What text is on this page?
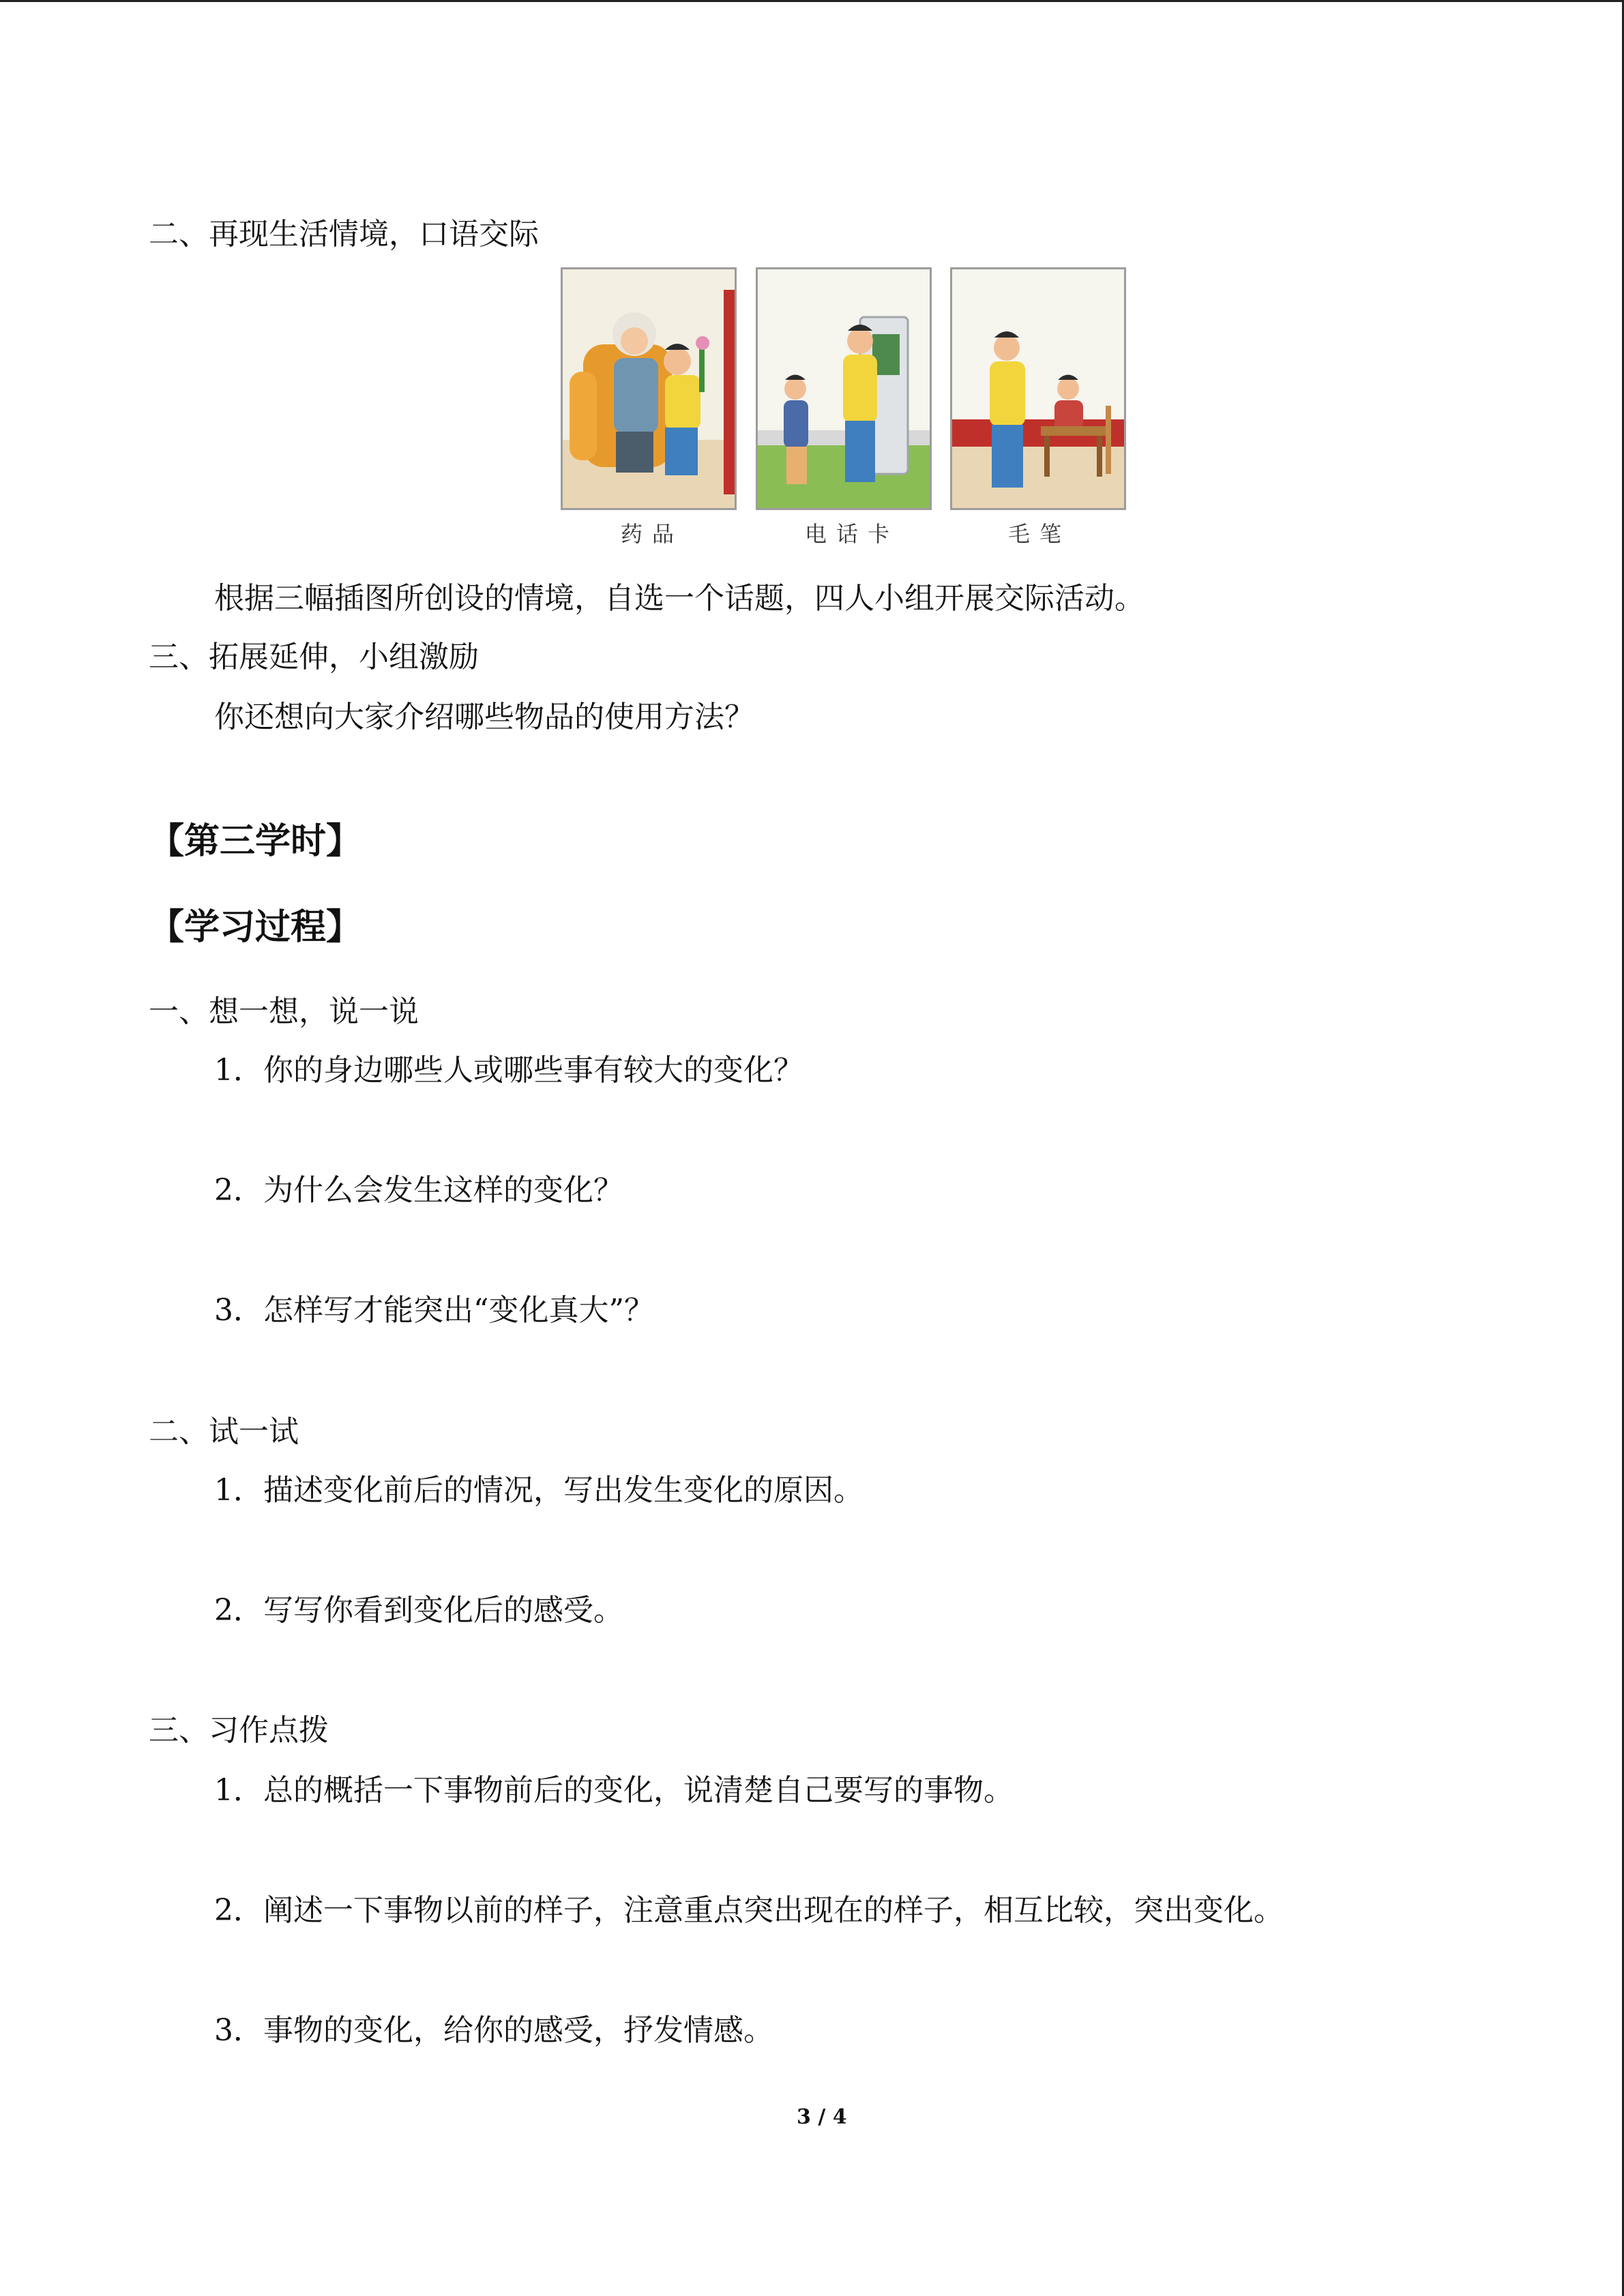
二、再现生活情境，口语交际
药品	电话卡	毛笔
根据三幅插图所创设的情境，自选一个话题，四人小组开展交际活动。
三、拓展延伸，小组激励
你还想向大家介绍哪些物品的使用方法？
【第三学时】
【学习过程】
一、想一想，说一说
1．你的身边哪些人或哪些事有较大的变化？
2．为什么会发生这样的变化？
3．怎样写才能突出“变化真大”？
二、试一试
1．描述变化前后的情况，写出发生变化的原因。
2．写写你看到变化后的感受。
三、习作点拨
1．总的概括一下事物前后的变化，说清楚自己要写的事物。
2．阐述一下事物以前的样子，注意重点突出现在的样子，相互比较，突出变化。
3．事物的变化，给你的感受，抒发情感。
3 / 4
